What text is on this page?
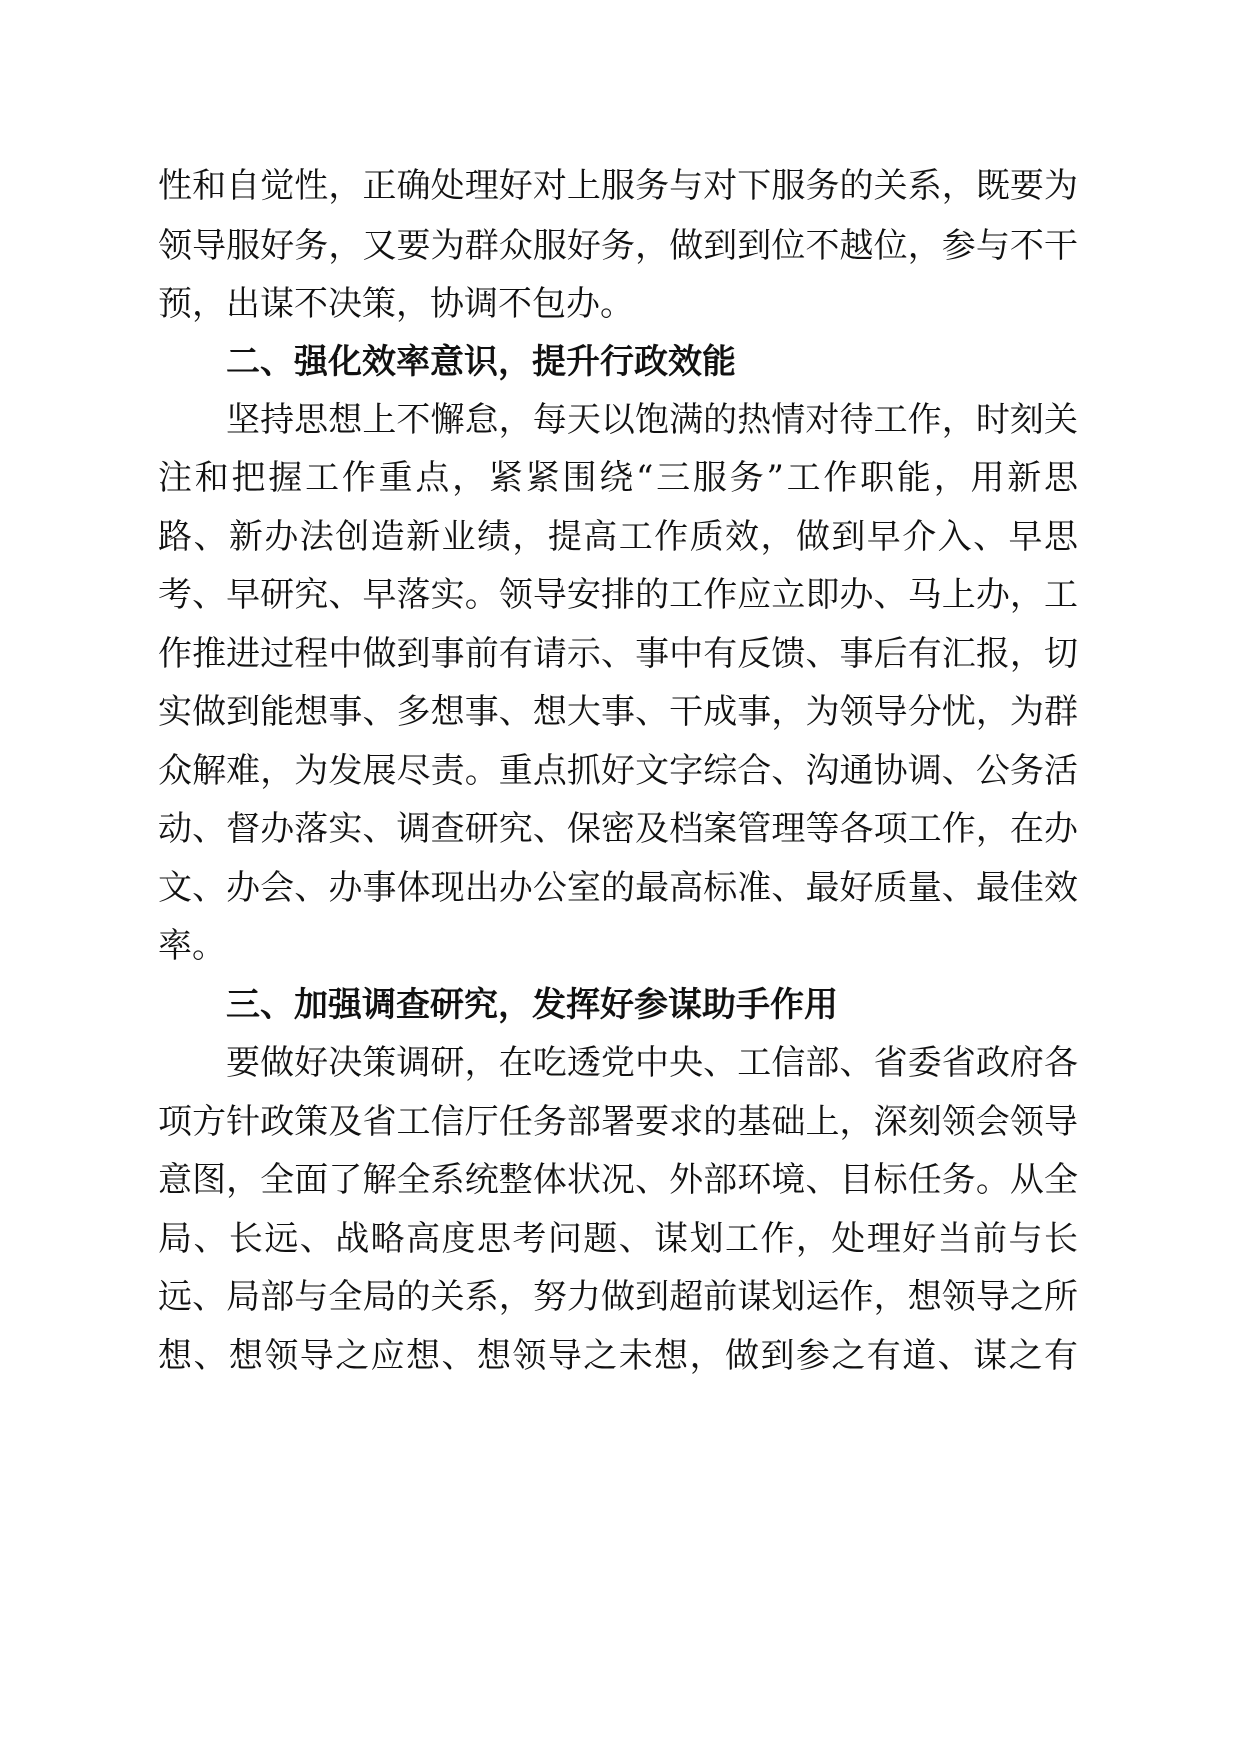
性和自觉性，正确处理好对上服务与对下服务的关系，既要为
领导服好务，又要为群众服好务，做到到位不越位，参与不干
预，出谋不决策，协调不包办。
二、强化效率意识，提升行政效能
坚持思想上不懈怠，每天以饱满的热情对待工作，时刻关
注和把握工作重点，紧紧围绕“三服务”工作职能，用新思
路、新办法创造新业绩，提高工作质效，做到早介入、早思
考、早研究、早落实。领导安排的工作应立即办、马上办，工
作推进过程中做到事前有请示、事中有反馈、事后有汇报，切
实做到能想事、多想事、想大事、干成事，为领导分忧，为群
众解难，为发展尽责。重点抓好文字综合、沟通协调、公务活
动、督办落实、调查研究、保密及档案管理等各项工作，在办
文、办会、办事体现出办公室的最高标准、最好质量、最佳效
率。
三、加强调查研究，发挥好参谋助手作用
要做好决策调研，在吃透党中央、工信部、省委省政府各
项方针政策及省工信厅任务部署要求的基础上，深刻领会领导
意图，全面了解全系统整体状况、外部环境、目标任务。从全
局、长远、战略高度思考问题、谋划工作，处理好当前与长
远、局部与全局的关系，努力做到超前谋划运作，想领导之所
想、想领导之应想、想领导之未想，做到参之有道、谋之有
